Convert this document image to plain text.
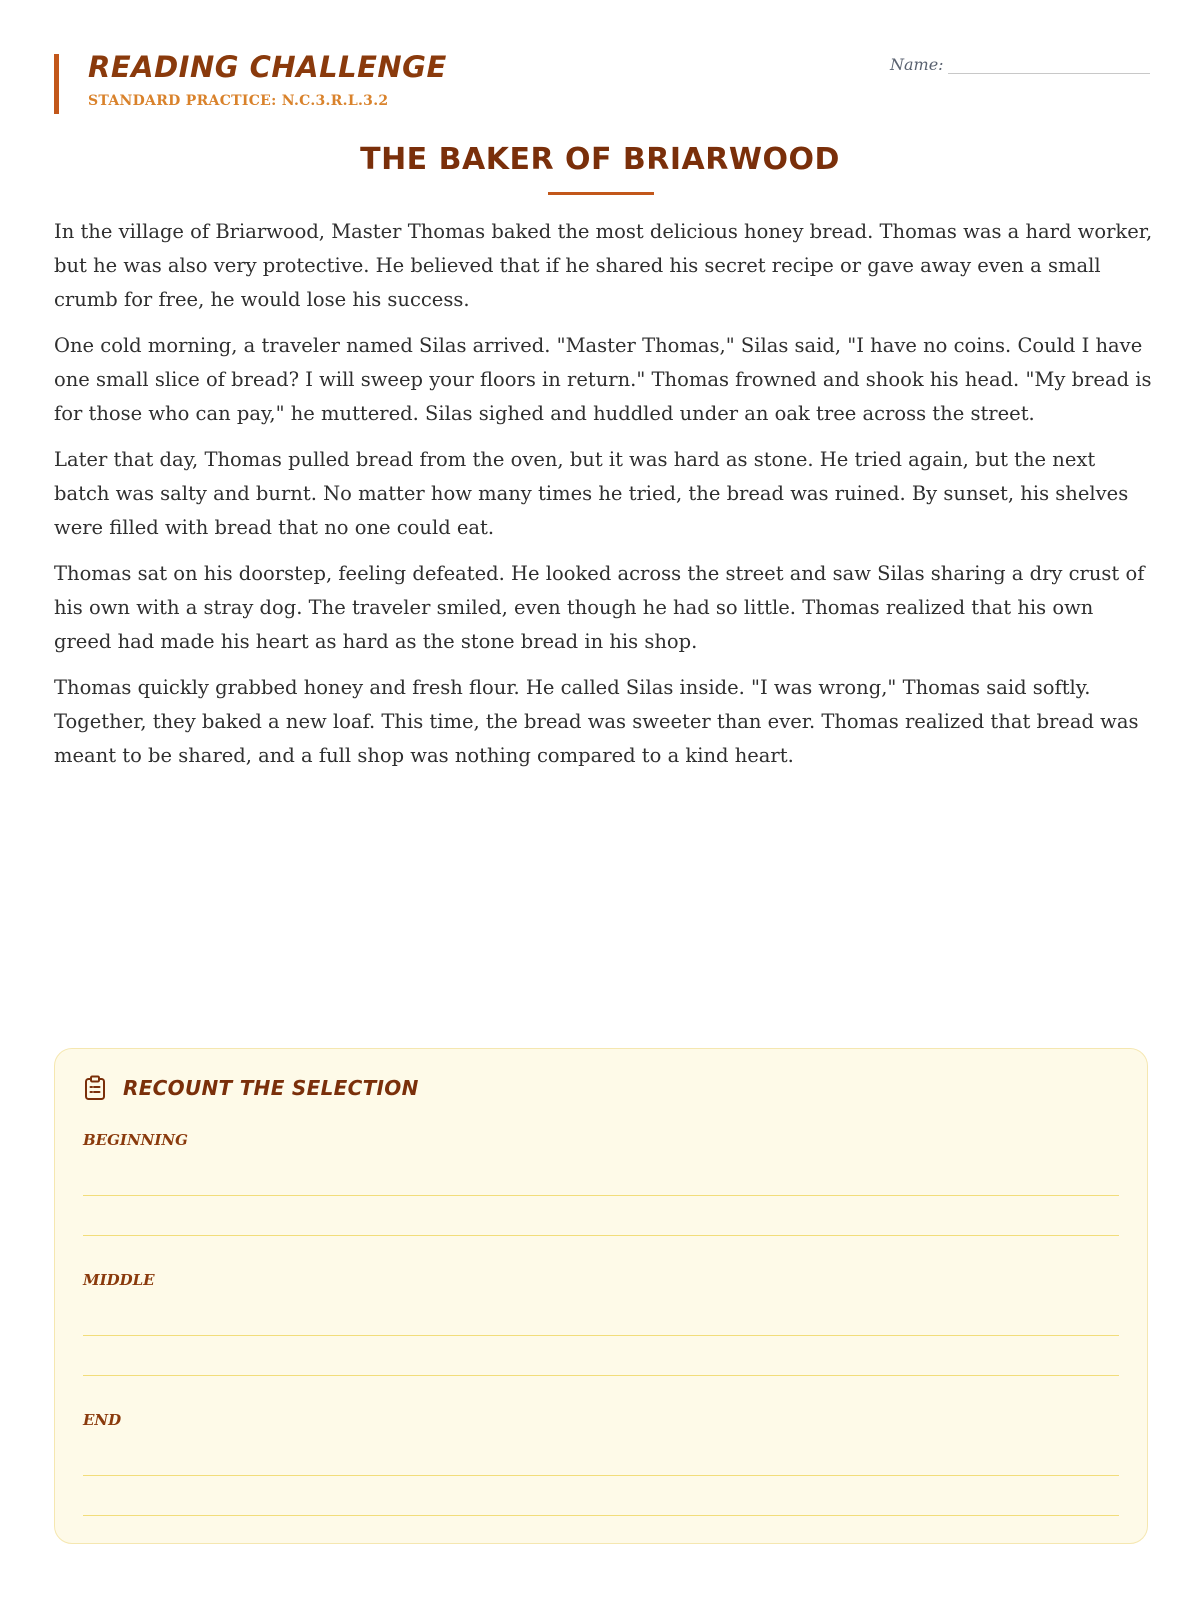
READING CHALLENGE
STANDARD PRACTICE: N.C.3.R.L.3.2
Name:
THE BAKER OF BRIARWOOD

In the village of Briarwood, Master Thomas baked the most delicious honey bread. Thomas was a hard worker, but he was also very protective. He believed that if he shared his secret recipe or gave away even a small crumb for free, he would lose his success.

One cold morning, a traveler named Silas arrived. "Master Thomas," Silas said, "I have no coins. Could I have one small slice of bread? I will sweep your floors in return." Thomas frowned and shook his head. "My bread is for those who can pay," he muttered. Silas sighed and huddled under an oak tree across the street.

Later that day, Thomas pulled bread from the oven, but it was hard as stone. He tried again, but the next batch was salty and burnt. No matter how many times he tried, the bread was ruined. By sunset, his shelves were filled with bread that no one could eat.

Thomas sat on his doorstep, feeling defeated. He looked across the street and saw Silas sharing a dry crust of his own with a stray dog. The traveler smiled, even though he had so little. Thomas realized that his own greed had made his heart as hard as the stone bread in his shop.

Thomas quickly grabbed honey and fresh flour. He called Silas inside. "I was wrong," Thomas said softly. Together, they baked a new loaf. This time, the bread was sweeter than ever. Thomas realized that bread was meant to be shared, and a full shop was nothing compared to a kind heart.

RECOUNT THE SELECTION
BEGINNING
MIDDLE
END
